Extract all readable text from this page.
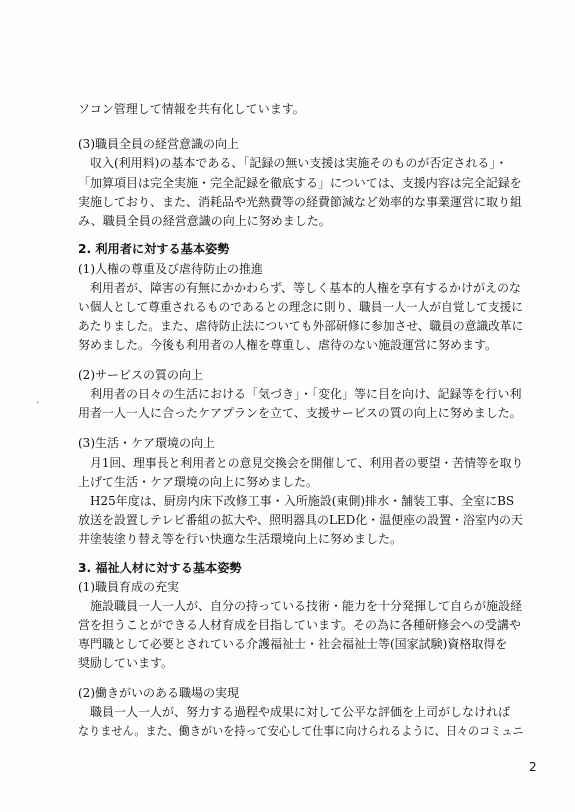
ソコン管理して情報を共有化しています。
(3)職員全員の経営意識の向上
収入(利用料)の基本である、「記録の無い支援は実施そのものが否定される」・
「加算項目は完全実施・完全記録を徹底する」については、支援内容は完全記録を
実施しており、また、消耗品や光熱費等の経費節減など効率的な事業運営に取り組
み、職員全員の経営意識の向上に努めました。
2. 利用者に対する基本姿勢
(1)人権の尊重及び虐待防止の推進
利用者が、障害の有無にかかわらず、等しく基本的人権を享有するかけがえのな
い個人として尊重されるものであるとの理念に則り、職員一人一人が自覚して支援に
あたりました。また、虐待防止法についても外部研修に参加させ、職員の意識改革に
努めました。今後も利用者の人権を尊重し、虐待のない施設運営に努めます。
(2)サービスの質の向上
利用者の日々の生活における「気づき」・「変化」等に目を向け、記録等を行い利
用者一人一人に合ったケアプランを立て、支援サービスの質の向上に努めました。
ﾞ
(3)生活・ケア環境の向上
月1回、理事長と利用者との意見交換会を開催して、利用者の要望・苦情等を取り
上げて生活・ケア環境の向上に努めました。
H25年度は、厨房内床下改修工事・入所施設(東側)排水・舗装工事、全室にBS
放送を設置しテレビ番組の拡大や、照明器具のLED化・温便座の設置・浴室内の天
井塗装塗り替え等を行い快適な生活環境向上に努めました。
3. 福祉人材に対する基本姿勢
(1)職員育成の充実
施設職員一人一人が、自分の持っている技術・能力を十分発揮して自らが施設経
営を担うことができる人材育成を目指しています。その為に各種研修会への受講や
専門職として必要とされている介護福祉士・社会福祉士等(国家試験)資格取得を
奨励しています。
(2)働きがいのある職場の実現
職員一人一人が、努力する過程や成果に対して公平な評価を上司がしなければ
なりません。また、働きがいを持って安心して仕事に向けられるように、日々のコミュニ
2
